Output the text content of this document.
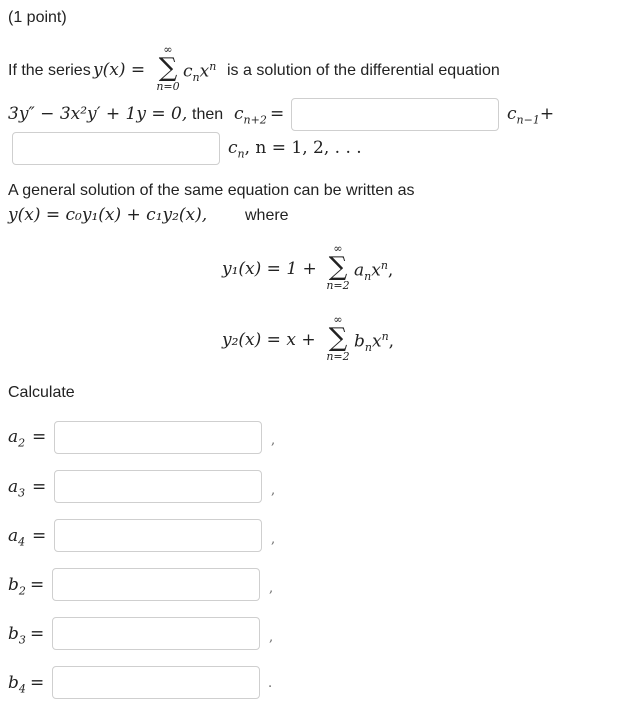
(1 point)
If the series y(x) =
∞
∑
n=0
$c_nx^n$ is a solution of the differential equation
3y″ − 3x²y′ + 1y = 0, then $c_{n+2}$ =	$c_{n-1}+$
$c_n$, n = 1, 2, . . .
A general solution of the same equation can be written as
y(x) = c₀y₁(x) + c₁y₂(x), where
y₁(x) = 1 +
∞
∑
n=2
$a_nx^n$,
y₂(x) = x +
∞
∑
n=2
$b_nx^n$,
Calculate
$a_2$ =	,
$a_3$ =	,
$a_4$ =	,
$b_2$ =	,
$b_3$ =	,
$b_4$ =	.
